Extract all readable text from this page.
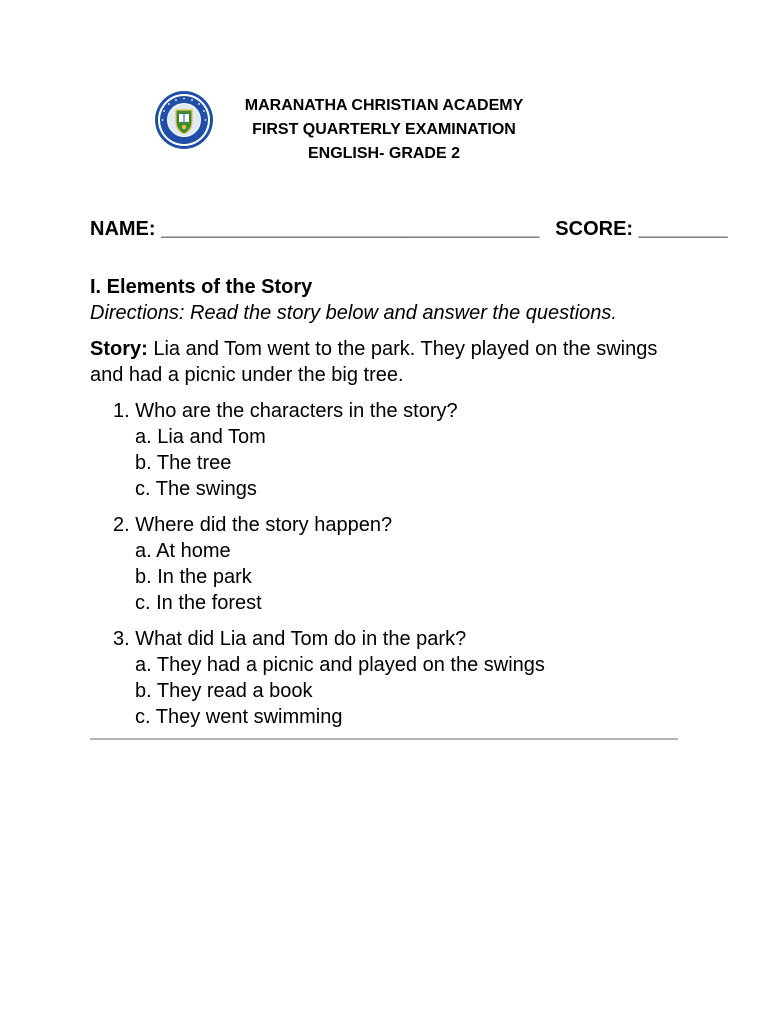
MARANATHA CHRISTIAN ACADEMY
FIRST QUARTERLY EXAMINATION
ENGLISH- GRADE 2
NAME: __________________________________ SCORE: ________
I. Elements of the Story
Directions: Read the story below and answer the questions.
Story: Lia and Tom went to the park. They played on the swings and had a picnic under the big tree.
1. Who are the characters in the story?
a. Lia and Tom
b. The tree
c. The swings
2. Where did the story happen?
a. At home
b. In the park
c. In the forest
3. What did Lia and Tom do in the park?
a. They had a picnic and played on the swings
b. They read a book
c. They went swimming
